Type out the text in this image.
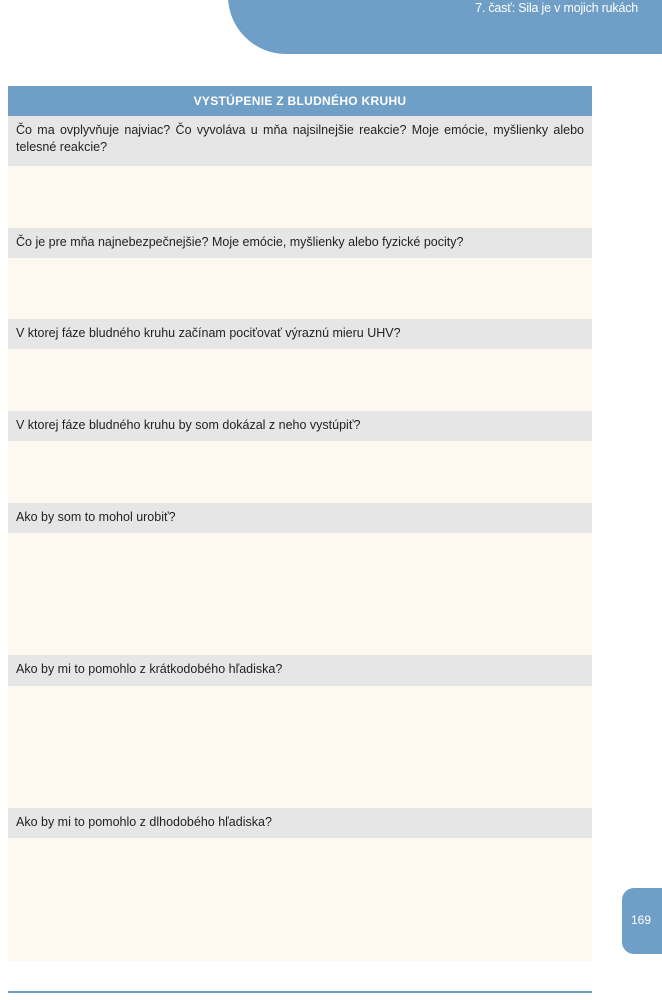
7. časť: Sila je v mojich rukách
VYSTÚPENIE Z BLUDNÉHO KRUHU
Čo ma ovplyvňuje najviac? Čo vyvoláva u mňa najsilnejšie reakcie? Moje emócie, myšlienky alebo telesné reakcie?
Čo je pre mňa najnebezpečnejšie? Moje emócie, myšlienky alebo fyzické pocity?
V ktorej fáze bludného kruhu začínam pociťovať výraznú mieru UHV?
V ktorej fáze bludného kruhu by som dokázal z neho vystúpiť?
Ako by som to mohol urobiť?
Ako by mi to pomohlo z krátkodobého hľadiska?
Ako by mi to pomohlo z dlhodobého hľadiska?
169
